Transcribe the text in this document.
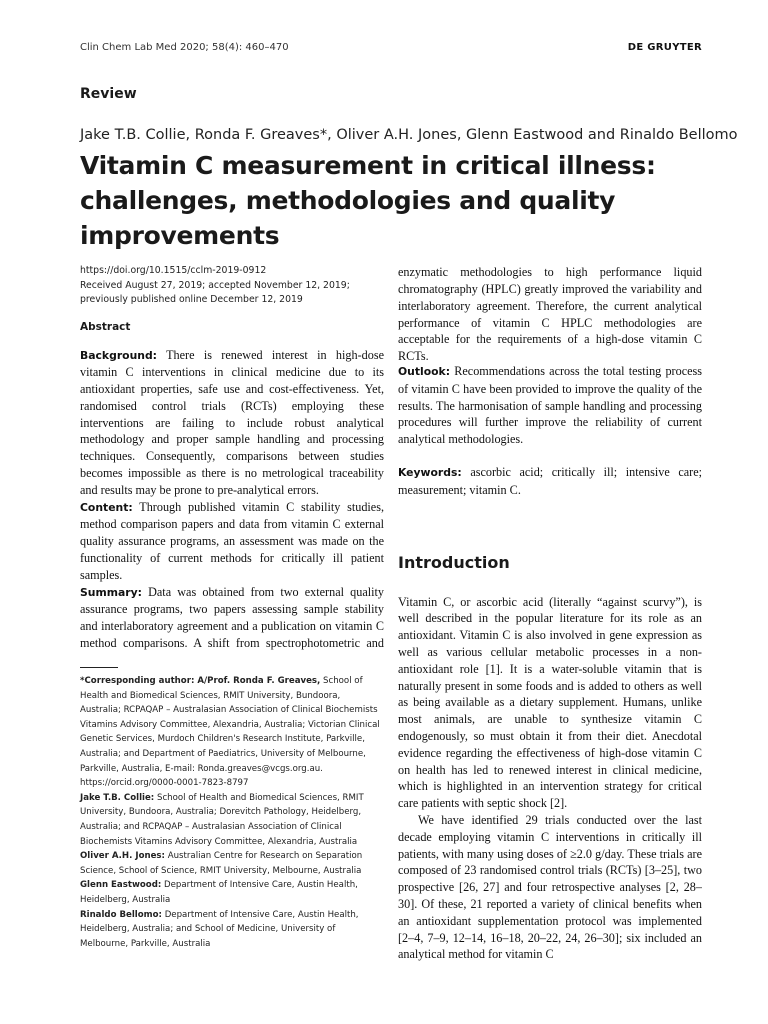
Clin Chem Lab Med 2020; 58(4): 460–470	DE GRUYTER
Review
Jake T.B. Collie, Ronda F. Greaves*, Oliver A.H. Jones, Glenn Eastwood and Rinaldo Bellomo
Vitamin C measurement in critical illness: challenges, methodologies and quality improvements

https://doi.org/10.1515/cclm-2019-0912

Received August 27, 2019; accepted November 12, 2019; previously published online December 12, 2019

Abstract

Background: There is renewed interest in high-dose vitamin C interventions in clinical medicine due to its antioxidant properties, safe use and cost-effectiveness. Yet, randomised control trials (RCTs) employing these interventions are failing to include robust analytical methodology and proper sample handling and processing techniques. Consequently, comparisons between studies becomes impossible as there is no metrological traceability and results may be prone to pre-analytical errors.

Content: Through published vitamin C stability studies, method comparison papers and data from vitamin C external quality assurance programs, an assessment was made on the functionality of current methods for critically ill patient samples.

Summary: Data was obtained from two external quality assurance programs, two papers assessing sample stability and interlaboratory agreement and a publication on vitamin C method comparisons. A shift from spectrophotometric and

*Corresponding author: A/Prof. Ronda F. Greaves, School of Health and Biomedical Sciences, RMIT University, Bundoora, Australia; RCPAQAP – Australasian Association of Clinical Biochemists Vitamins Advisory Committee, Alexandria, Australia; Victorian Clinical Genetic Services, Murdoch Children's Research Institute, Parkville, Australia; and Department of Paediatrics, University of Melbourne, Parkville, Australia, E-mail: Ronda.greaves@vcgs.org.au. https://orcid.org/0000-0001-7823-8797

Jake T.B. Collie: School of Health and Biomedical Sciences, RMIT University, Bundoora, Australia; Dorevitch Pathology, Heidelberg, Australia; and RCPAQAP – Australasian Association of Clinical Biochemists Vitamins Advisory Committee, Alexandria, Australia

Oliver A.H. Jones: Australian Centre for Research on Separation Science, School of Science, RMIT University, Melbourne, Australia

Glenn Eastwood: Department of Intensive Care, Austin Health, Heidelberg, Australia

Rinaldo Bellomo: Department of Intensive Care, Austin Health, Heidelberg, Australia; and School of Medicine, University of Melbourne, Parkville, Australia

enzymatic methodologies to high performance liquid chromatography (HPLC) greatly improved the variability and interlaboratory agreement. Therefore, the current analytical performance of vitamin C HPLC methodologies are acceptable for the requirements of a high-dose vitamin C RCTs.

Outlook: Recommendations across the total testing process of vitamin C have been provided to improve the quality of the results. The harmonisation of sample handling and processing procedures will further improve the reliability of current analytical methodologies.

Keywords: ascorbic acid; critically ill; intensive care; measurement; vitamin C.

Introduction

Vitamin C, or ascorbic acid (literally “against scurvy”), is well described in the popular literature for its role as an antioxidant. Vitamin C is also involved in gene expression as well as various cellular metabolic processes in a non-antioxidant role [1]. It is a water-soluble vitamin that is naturally present in some foods and is added to others as well as being available as a dietary supplement. Humans, unlike most animals, are unable to synthesize vitamin C endogenously, so must obtain it from their diet. Anecdotal evidence regarding the effectiveness of high-dose vitamin C on health has led to renewed interest in clinical medicine, which is highlighted in an intervention strategy for critical care patients with septic shock [2].

We have identified 29 trials conducted over the last decade employing vitamin C interventions in critically ill patients, with many using doses of ≥2.0 g/day. These trials are composed of 23 randomised control trials (RCTs) [3–25], two prospective [26, 27] and four retrospective analyses [2, 28–30]. Of these, 21 reported a variety of clinical benefits when an antioxidant supplementation protocol was implemented [2–4, 7–9, 12–14, 16–18, 20–22, 24, 26–30]; six included an analytical method for vitamin C
